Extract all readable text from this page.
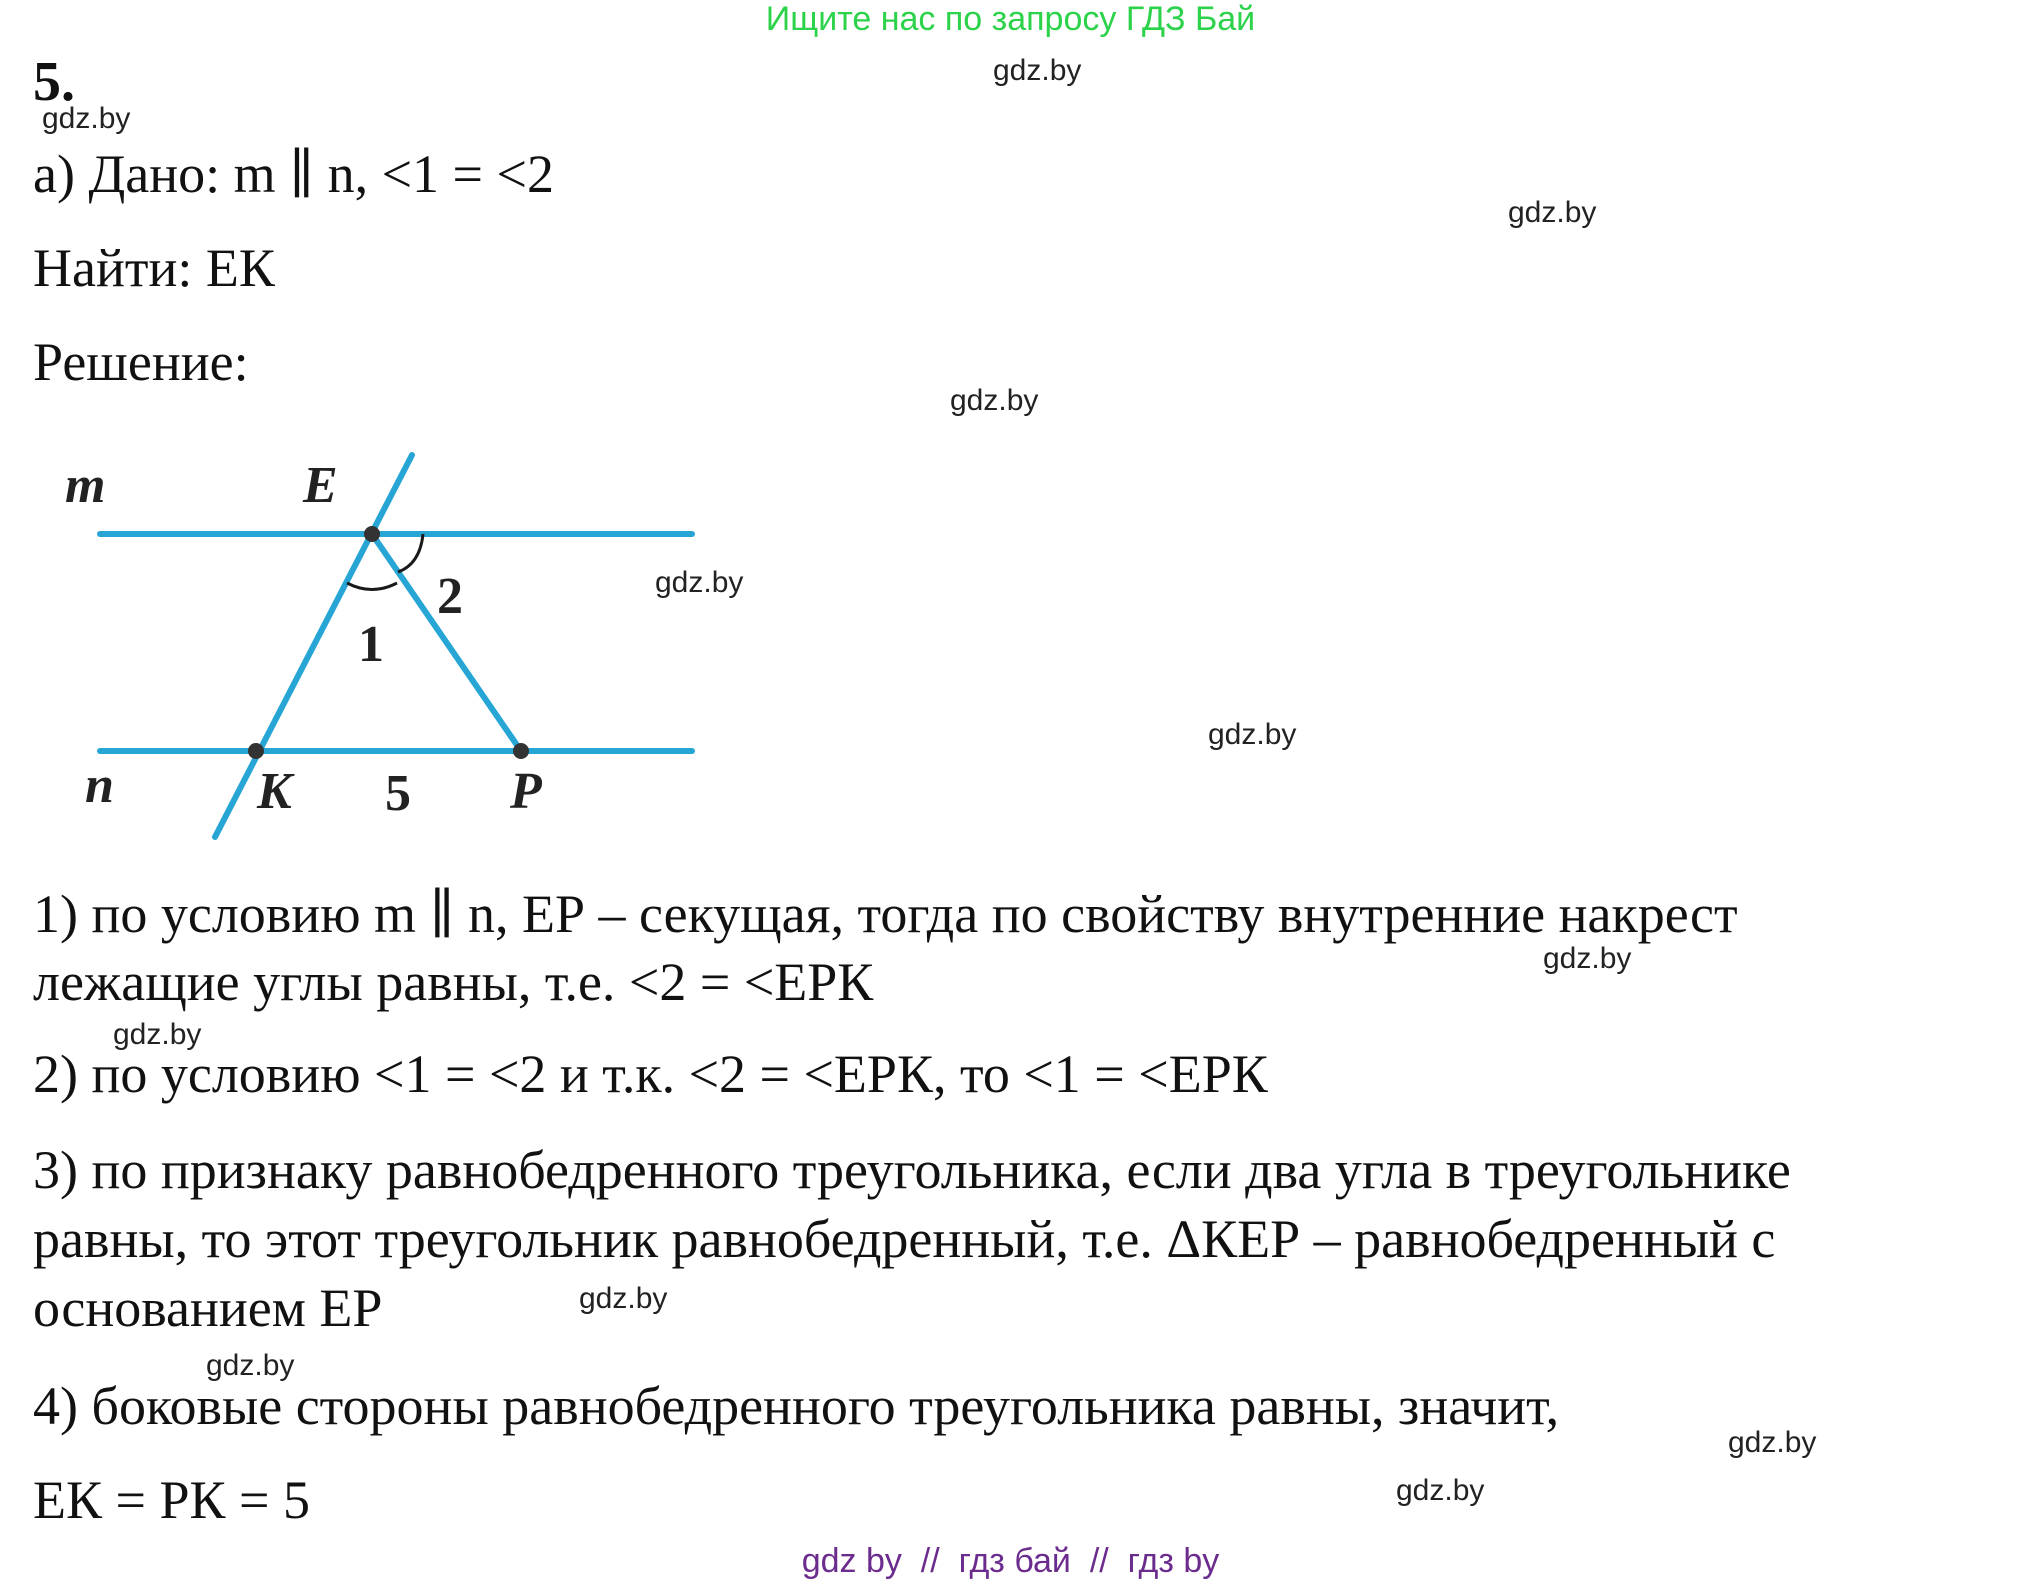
Ищите нас по запросу ГДЗ Бай
gdz.by
gdz.by
gdz.by
gdz.by
gdz.by
gdz.by
gdz.by
gdz.by
gdz.by
gdz.by
gdz.by
gdz.by
5.
а) Дано: m ∥ n, <1 = <2
Найти: ЕК
Решение:
m	E
n	K	P
2
1
5
1) по условию m ∥ n, ЕР – секущая, тогда по свойству внутренние накрест
лежащие углы равны, т.е. <2 = <ЕРК
2) по условию <1 = <2 и т.к. <2 = <ЕРК, то <1 = <ЕРК
3) по признаку равнобедренного треугольника, если два угла в треугольнике
равны, то этот треугольник равнобедренный, т.е. ΔКЕР – равнобедренный с
основанием ЕР
4) боковые стороны равнобедренного треугольника равны, значит,
ЕК = РК = 5
gdz by  //  гдз бай  //  гдз by
